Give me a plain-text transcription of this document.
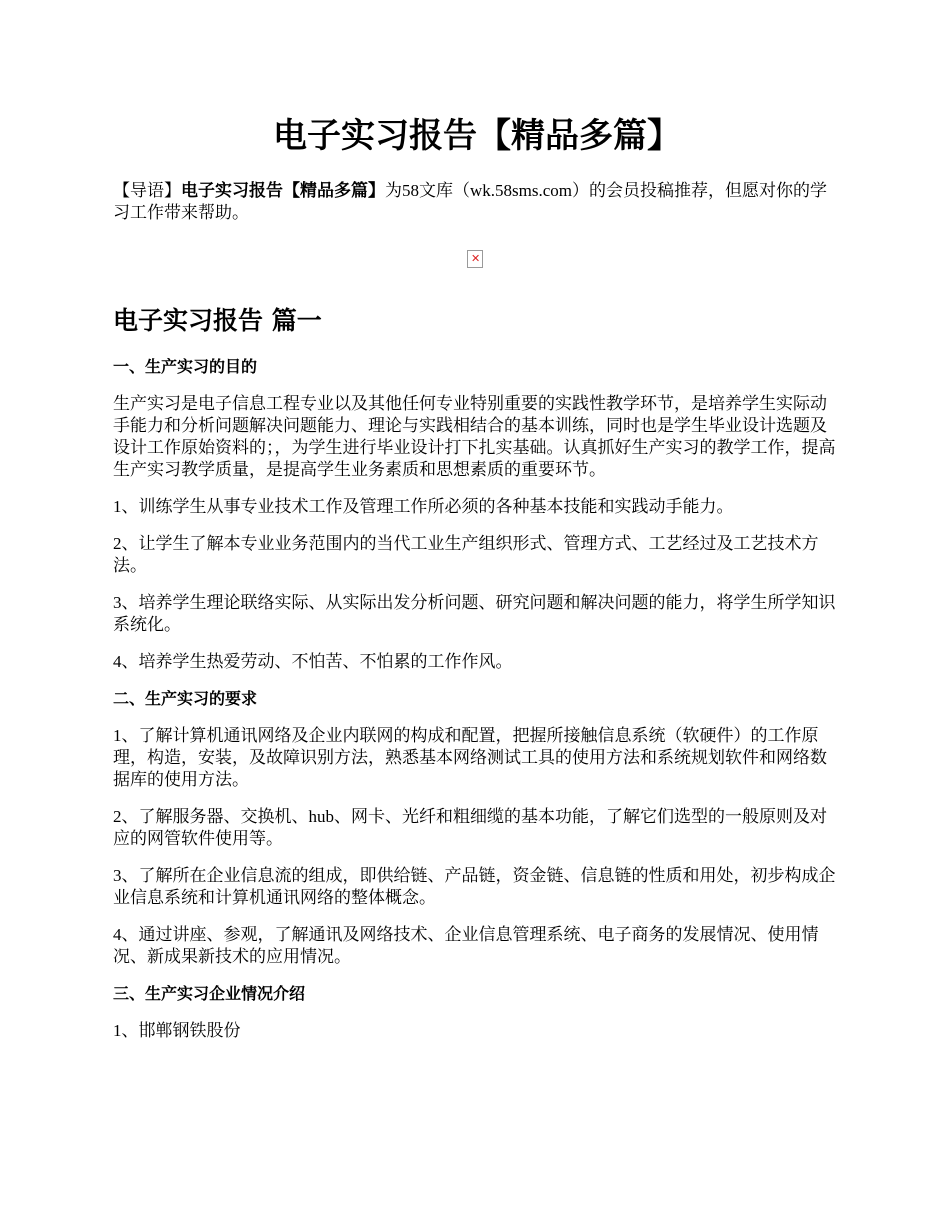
电子实习报告【精品多篇】
【导语】电子实习报告【精品多篇】为58文库（wk.58sms.com）的会员投稿推荐，但愿对你的学习工作带来帮助。
✕
电子实习报告 篇一

一、生产实习的目的

生产实习是电子信息工程专业以及其他任何专业特别重要的实践性教学环节，是培养学生实际动手能力和分析问题解决问题能力、理论与实践相结合的基本训练，同时也是学生毕业设计选题及设计工作原始资料的；，为学生进行毕业设计打下扎实基础。认真抓好生产实习的教学工作，提高生产实习教学质量，是提高学生业务素质和思想素质的重要环节。

1、训练学生从事专业技术工作及管理工作所必须的各种基本技能和实践动手能力。

2、让学生了解本专业业务范围内的当代工业生产组织形式、管理方式、工艺经过及工艺技术方法。

3、培养学生理论联络实际、从实际出发分析问题、研究问题和解决问题的能力，将学生所学知识系统化。

4、培养学生热爱劳动、不怕苦、不怕累的工作作风。

二、生产实习的要求

1、了解计算机通讯网络及企业内联网的构成和配置，把握所接触信息系统（软硬件）的工作原理，构造，安装，及故障识别方法，熟悉基本网络测试工具的使用方法和系统规划软件和网络数据库的使用方法。

2、了解服务器、交换机、hub、网卡、光纤和粗细缆的基本功能，了解它们选型的一般原则及对应的网管软件使用等。

3、了解所在企业信息流的组成，即供给链、产品链，资金链、信息链的性质和用处，初步构成企业信息系统和计算机通讯网络的整体概念。

4、通过讲座、参观，了解通讯及网络技术、企业信息管理系统、电子商务的发展情况、使用情况、新成果新技术的应用情况。

三、生产实习企业情况介绍

1、邯郸钢铁股份
